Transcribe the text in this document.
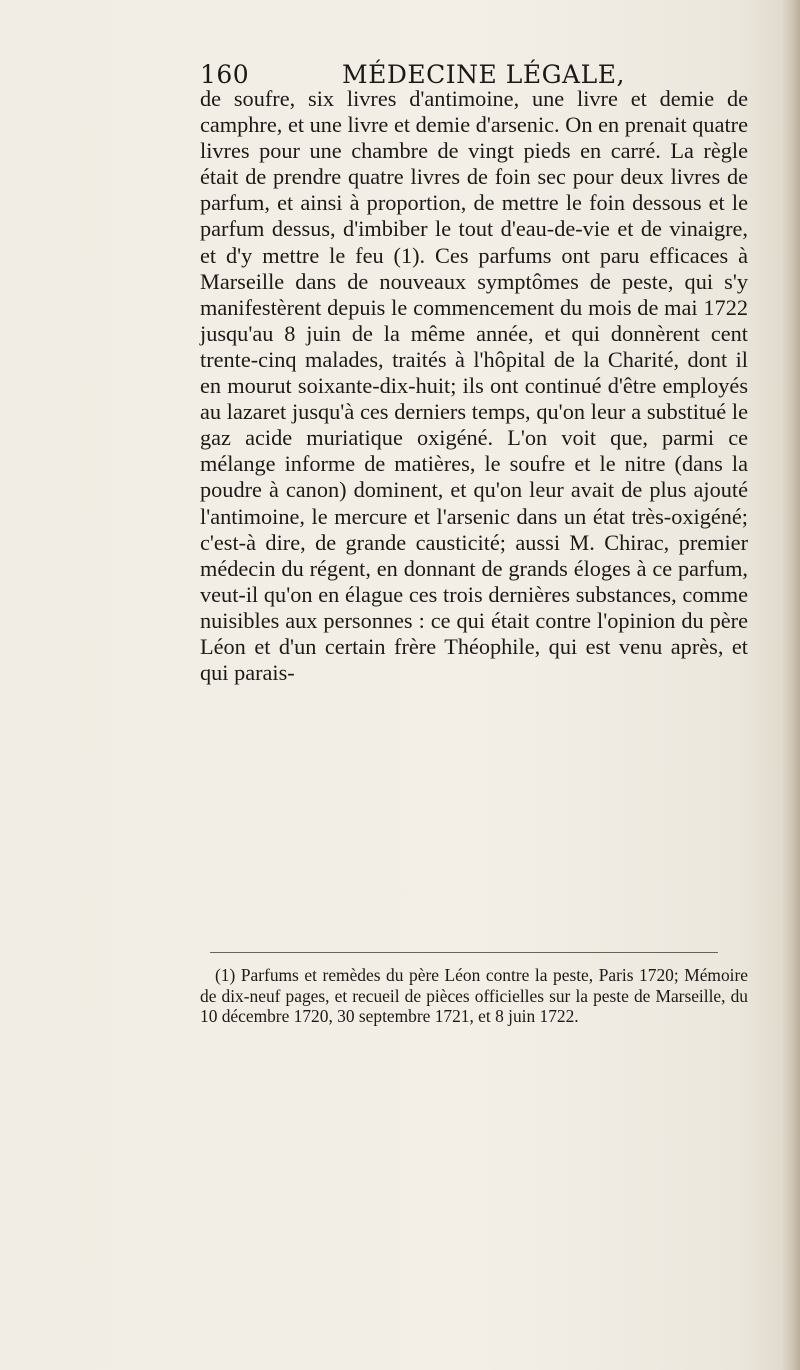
160	MÉDECINE LÉGALE,

de soufre, six livres d'antimoine, une livre et demie de camphre, et une livre et demie d'arsenic. On en prenait quatre livres pour une chambre de vingt pieds en carré. La règle était de prendre quatre livres de foin sec pour deux livres de parfum, et ainsi à proportion, de mettre le foin dessous et le parfum dessus, d'imbiber le tout d'eau-de-vie et de vinaigre, et d'y mettre le feu (1). Ces parfums ont paru efficaces à Marseille dans de nouveaux symptômes de peste, qui s'y manifestèrent depuis le commencement du mois de mai 1722 jusqu'au 8 juin de la même année, et qui donnèrent cent trente-cinq malades, traités à l'hôpital de la Charité, dont il en mourut soixante-dix-huit; ils ont continué d'être employés au lazaret jusqu'à ces derniers temps, qu'on leur a substitué le gaz acide muriatique oxigéné. L'on voit que, parmi ce mélange informe de matières, le soufre et le nitre (dans la poudre à canon) dominent, et qu'on leur avait de plus ajouté l'antimoine, le mercure et l'arsenic dans un état très-oxigéné; c'est-à dire, de grande causticité; aussi M. Chirac, premier médecin du régent, en donnant de grands éloges à ce parfum, veut-il qu'on en élague ces trois dernières substances, comme nuisibles aux personnes : ce qui était contre l'opinion du père Léon et d'un certain frère Théophile, qui est venu après, et qui parais-

(1) Parfums et remèdes du père Léon contre la peste, Paris 1720; Mémoire de dix-neuf pages, et recueil de pièces officielles sur la peste de Marseille, du 10 décembre 1720, 30 septembre 1721, et 8 juin 1722.
